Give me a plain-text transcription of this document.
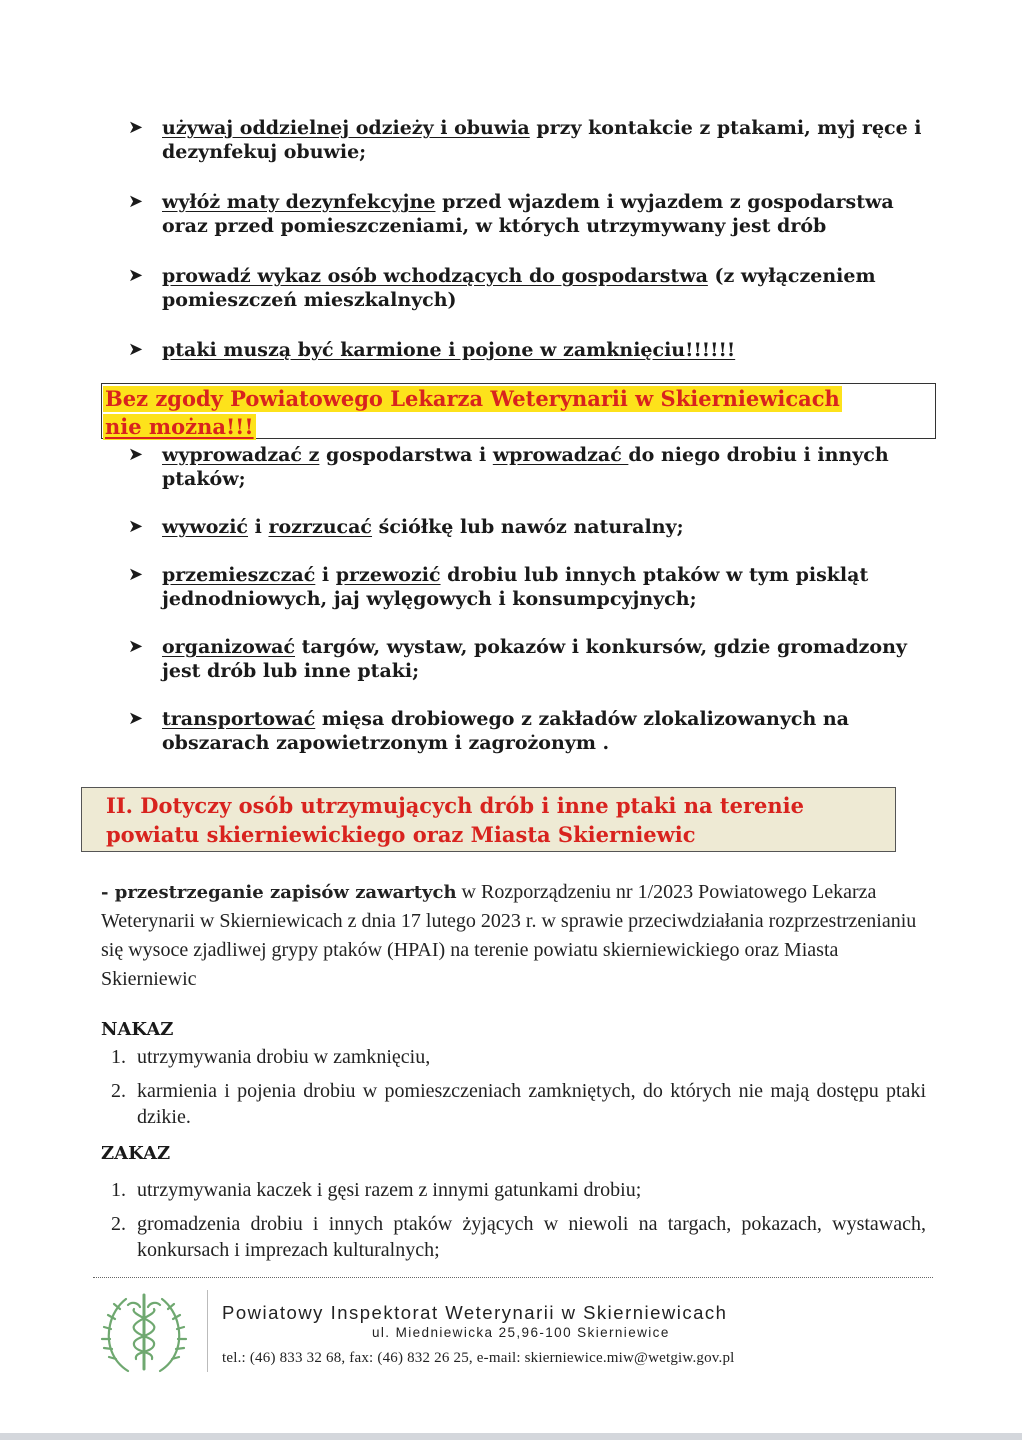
➤ używaj oddzielnej odzieży i obuwia przy kontakcie z ptakami, myj ręce i dezynfekuj obuwie;
➤ wyłóż maty dezynfekcyjne przed wjazdem i wyjazdem z gospodarstwa oraz przed pomieszczeniami, w których utrzymywany jest drób
➤ prowadź wykaz osób wchodzących do gospodarstwa (z wyłączeniem pomieszczeń mieszkalnych)
➤ ptaki muszą być karmione i pojone w zamknięciu!!!!!!
Bez zgody Powiatowego Lekarza Weterynarii w Skierniewicach
nie można!!!
➤ wyprowadzać z gospodarstwa i wprowadzać do niego drobiu i innych ptaków;
➤ wywozić i rozrzucać ściółkę lub nawóz naturalny;
➤ przemieszczać i przewozić drobiu lub innych ptaków w tym piskląt jednodniowych, jaj wylęgowych i konsumpcyjnych;
➤ organizować targów, wystaw, pokazów i konkursów, gdzie gromadzony jest drób lub inne ptaki;
➤ transportować mięsa drobiowego z zakładów zlokalizowanych na obszarach zapowietrzonym i zagrożonym .
II. Dotyczy osób utrzymujących drób i inne ptaki na terenie
powiatu skierniewickiego oraz Miasta Skierniewic
- przestrzeganie zapisów zawartych w Rozporządzeniu nr 1/2023 Powiatowego Lekarza Weterynarii w Skierniewicach z dnia 17 lutego 2023 r. w sprawie przeciwdziałania rozprzestrzenianiu się wysoce zjadliwej grypy ptaków (HPAI) na terenie powiatu skierniewickiego oraz Miasta Skierniewic
NAKAZ
1. utrzymywania drobiu w zamknięciu,
2. karmienia i pojenia drobiu w pomieszczeniach zamkniętych, do których nie mają dostępu ptaki dzikie.
ZAKAZ
1. utrzymywania kaczek i gęsi razem z innymi gatunkami drobiu;
2. gromadzenia drobiu i innych ptaków żyjących w niewoli na targach, pokazach, wystawach, konkursach i imprezach kulturalnych;
Powiatowy Inspektorat Weterynarii w Skierniewicach
ul. Miedniewicka 25,96-100 Skierniewice
tel.: (46) 833 32 68, fax: (46) 832 26 25, e-mail: skierniewice.miw@wetgiw.gov.pl
